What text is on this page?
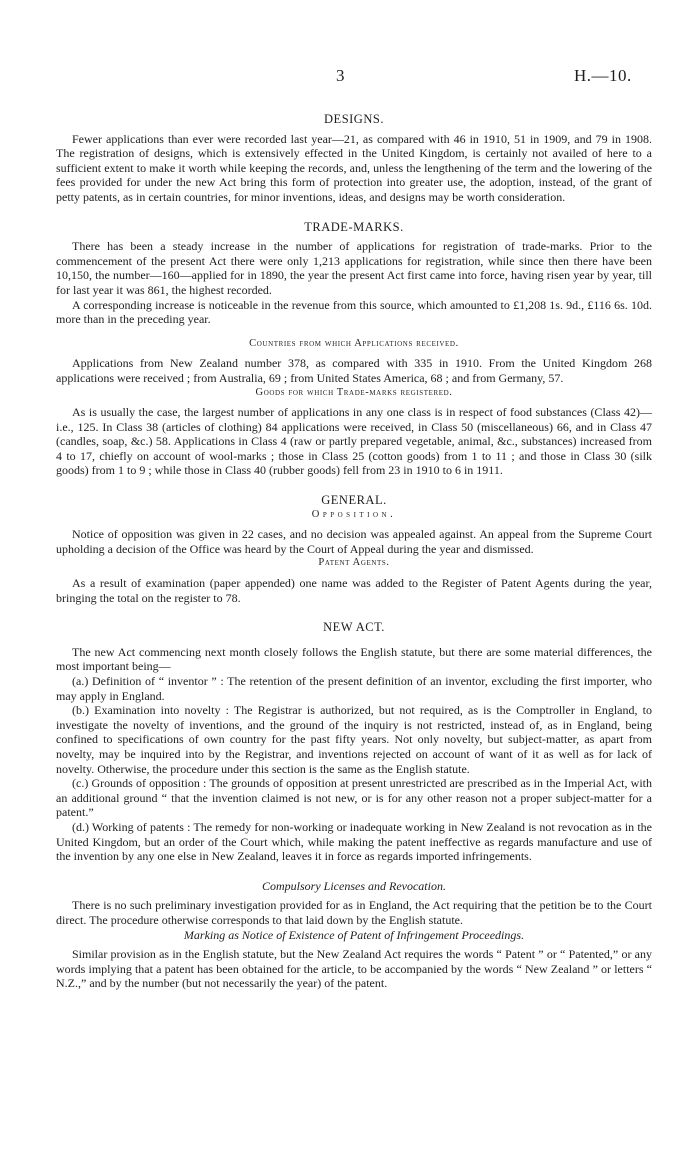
3	H.—10.
DESIGNS.

Fewer applications than ever were recorded last year—21, as compared with 46 in 1910, 51 in 1909, and 79 in 1908. The registration of designs, which is extensively effected in the United Kingdom, is certainly not availed of here to a sufficient extent to make it worth while keeping the records, and, unless the lengthening of the term and the lowering of the fees provided for under the new Act bring this form of protection into greater use, the adoption, instead, of the grant of petty patents, as in certain countries, for minor inventions, ideas, and designs may be worth consideration.

TRADE-MARKS.

There has been a steady increase in the number of applications for registration of trade-marks. Prior to the commencement of the present Act there were only 1,213 applications for registration, while since then there have been 10,150, the number—160—applied for in 1890, the year the present Act first came into force, having risen year by year, till for last year it was 861, the highest recorded.

A corresponding increase is noticeable in the revenue from this source, which amounted to £1,208 1s. 9d., £116 6s. 10d. more than in the preceding year.

Countries from which Applications received.

Applications from New Zealand number 378, as compared with 335 in 1910. From the United Kingdom 268 applications were received ; from Australia, 69 ; from United States America, 68 ; and from Germany, 57.

Goods for which Trade-marks registered.

As is usually the case, the largest number of applications in any one class is in respect of food substances (Class 42)—i.e., 125. In Class 38 (articles of clothing) 84 applications were received, in Class 50 (miscellaneous) 66, and in Class 47 (candles, soap, &c.) 58. Applications in Class 4 (raw or partly prepared vegetable, animal, &c., substances) increased from 4 to 17, chiefly on account of wool-marks ; those in Class 25 (cotton goods) from 1 to 11 ; and those in Class 30 (silk goods) from 1 to 9 ; while those in Class 40 (rubber goods) fell from 23 in 1910 to 6 in 1911.

GENERAL.
Opposition.

Notice of opposition was given in 22 cases, and no decision was appealed against. An appeal from the Supreme Court upholding a decision of the Office was heard by the Court of Appeal during the year and dismissed.

Patent Agents.

As a result of examination (paper appended) one name was added to the Register of Patent Agents during the year, bringing the total on the register to 78.

NEW ACT.

The new Act commencing next month closely follows the English statute, but there are some material differences, the most important being—

(a.) Definition of “ inventor ” : The retention of the present definition of an inventor, excluding the first importer, who may apply in England.

(b.) Examination into novelty : The Registrar is authorized, but not required, as is the Comptroller in England, to investigate the novelty of inventions, and the ground of the inquiry is not restricted, instead of, as in England, being confined to specifications of own country for the past fifty years. Not only novelty, but subject-matter, as apart from novelty, may be inquired into by the Registrar, and inventions rejected on account of want of it as well as for lack of novelty. Otherwise, the procedure under this section is the same as the English statute.

(c.) Grounds of opposition : The grounds of opposition at present unrestricted are prescribed as in the Imperial Act, with an additional ground “ that the invention claimed is not new, or is for any other reason not a proper subject-matter for a patent.”

(d.) Working of patents : The remedy for non-working or inadequate working in New Zealand is not revocation as in the United Kingdom, but an order of the Court which, while making the patent ineffective as regards manufacture and use of the invention by any one else in New Zealand, leaves it in force as regards imported infringements.

Compulsory Licenses and Revocation.

There is no such preliminary investigation provided for as in England, the Act requiring that the petition be to the Court direct. The procedure otherwise corresponds to that laid down by the English statute.

Marking as Notice of Existence of Patent of Infringement Proceedings.

Similar provision as in the English statute, but the New Zealand Act requires the words “ Patent ” or “ Patented,” or any words implying that a patent has been obtained for the article, to be accompanied by the words “ New Zealand ” or letters “ N.Z.,” and by the number (but not necessarily the year) of the patent.
